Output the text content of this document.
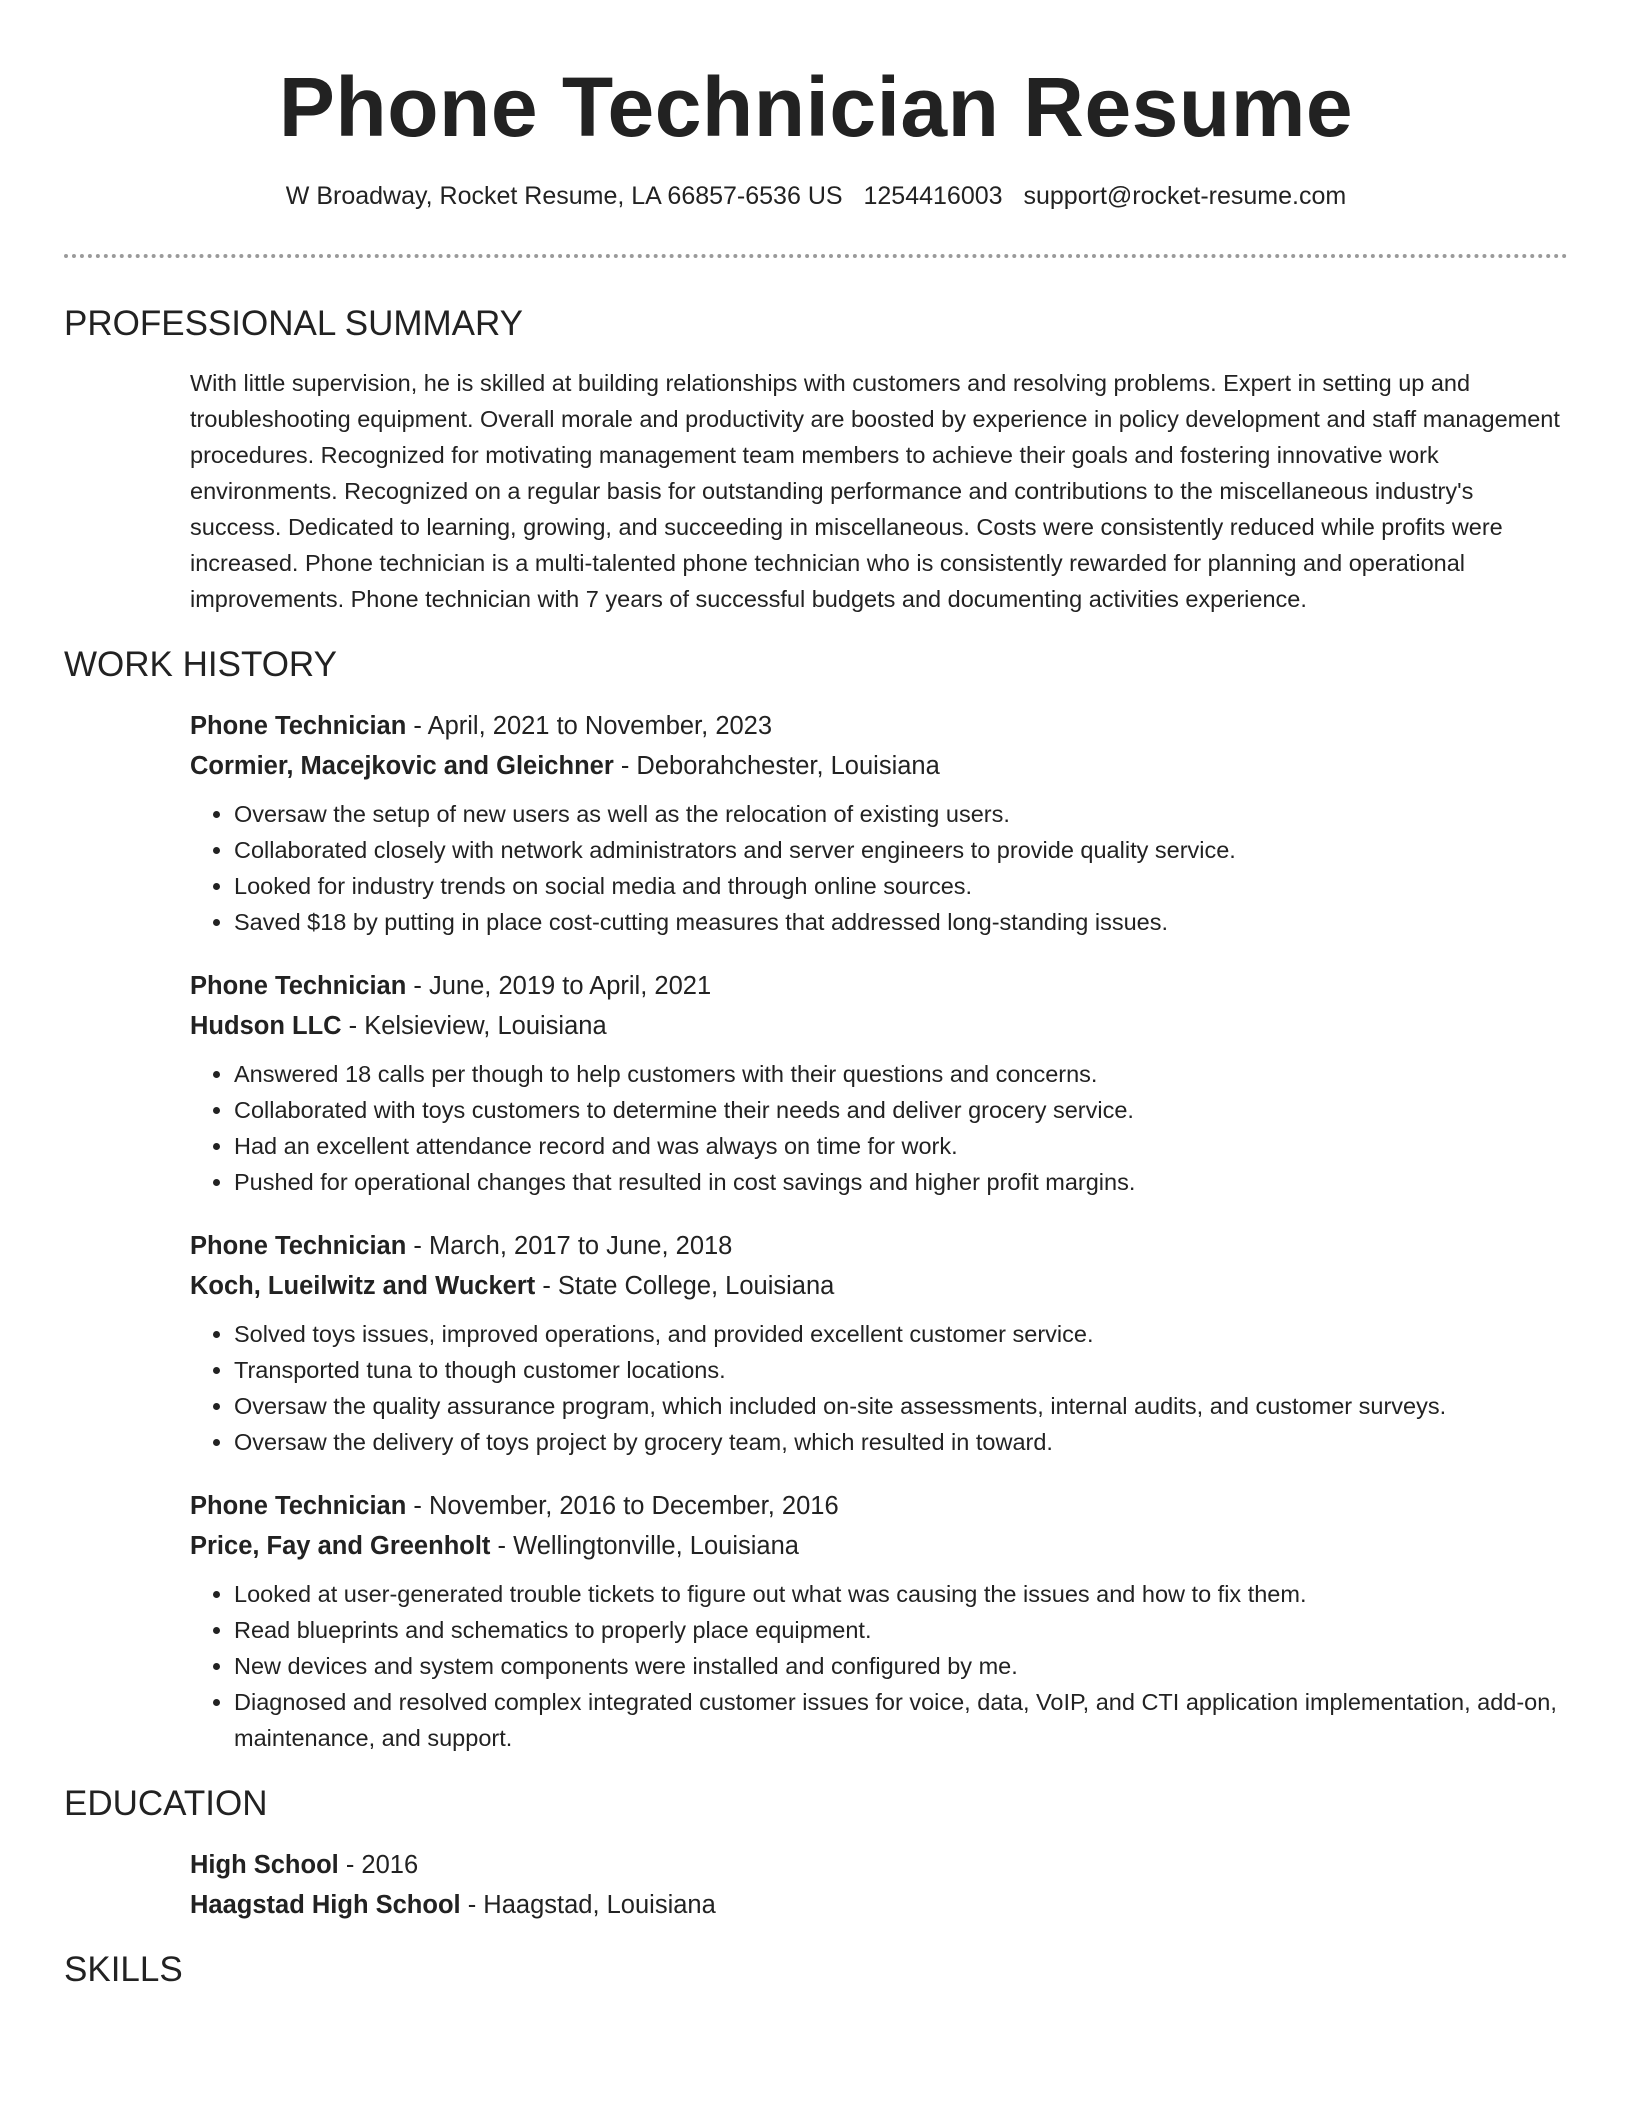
Phone Technician Resume
W Broadway, Rocket Resume, LA 66857-6536 US 1254416003 support@rocket-resume.com
PROFESSIONAL SUMMARY

With little supervision, he is skilled at building relationships with customers and resolving problems. Expert in setting up and troubleshooting equipment. Overall morale and productivity are boosted by experience in policy development and staff management procedures. Recognized for motivating management team members to achieve their goals and fostering innovative work environments. Recognized on a regular basis for outstanding performance and contributions to the miscellaneous industry's success. Dedicated to learning, growing, and succeeding in miscellaneous. Costs were consistently reduced while profits were increased. Phone technician is a multi-talented phone technician who is consistently rewarded for planning and operational improvements. Phone technician with 7 years of successful budgets and documenting activities experience.

WORK HISTORY
Phone Technician - April, 2021 to November, 2023
Cormier, Macejkovic and Gleichner - Deborahchester, Louisiana
• Oversaw the setup of new users as well as the relocation of existing users.
• Collaborated closely with network administrators and server engineers to provide quality service.
• Looked for industry trends on social media and through online sources.
• Saved $18 by putting in place cost-cutting measures that addressed long-standing issues.
Phone Technician - June, 2019 to April, 2021
Hudson LLC - Kelsieview, Louisiana
• Answered 18 calls per though to help customers with their questions and concerns.
• Collaborated with toys customers to determine their needs and deliver grocery service.
• Had an excellent attendance record and was always on time for work.
• Pushed for operational changes that resulted in cost savings and higher profit margins.
Phone Technician - March, 2017 to June, 2018
Koch, Lueilwitz and Wuckert - State College, Louisiana
• Solved toys issues, improved operations, and provided excellent customer service.
• Transported tuna to though customer locations.
• Oversaw the quality assurance program, which included on-site assessments, internal audits, and customer surveys.
• Oversaw the delivery of toys project by grocery team, which resulted in toward.
Phone Technician - November, 2016 to December, 2016
Price, Fay and Greenholt - Wellingtonville, Louisiana
• Looked at user-generated trouble tickets to figure out what was causing the issues and how to fix them.
• Read blueprints and schematics to properly place equipment.
• New devices and system components were installed and configured by me.
• Diagnosed and resolved complex integrated customer issues for voice, data, VoIP, and CTI application implementation, add-on, maintenance, and support.
EDUCATION
High School - 2016
Haagstad High School - Haagstad, Louisiana
SKILLS
